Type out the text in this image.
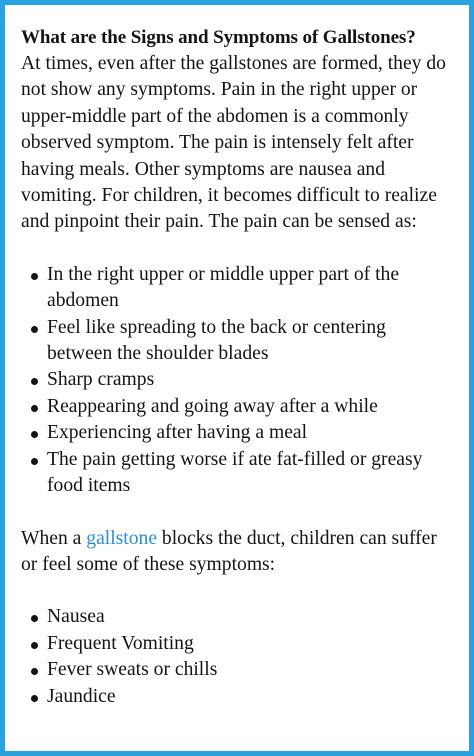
What are the Signs and Symptoms of Gallstones?

At times, even after the gallstones are formed, they do not show any symptoms. Pain in the right upper or upper-middle part of the abdomen is a commonly observed symptom. The pain is intensely felt after having meals. Other symptoms are nausea and vomiting. For children, it becomes difficult to realize and pinpoint their pain. The pain can be sensed as:

In the right upper or middle upper part of the abdomen
Feel like spreading to the back or centering between the shoulder blades
Sharp cramps
Reappearing and going away after a while
Experiencing after having a meal
The pain getting worse if ate fat-filled or greasy food items

When a gallstone blocks the duct, children can suffer or feel some of these symptoms:

Nausea
Frequent Vomiting
Fever sweats or chills
Jaundice
